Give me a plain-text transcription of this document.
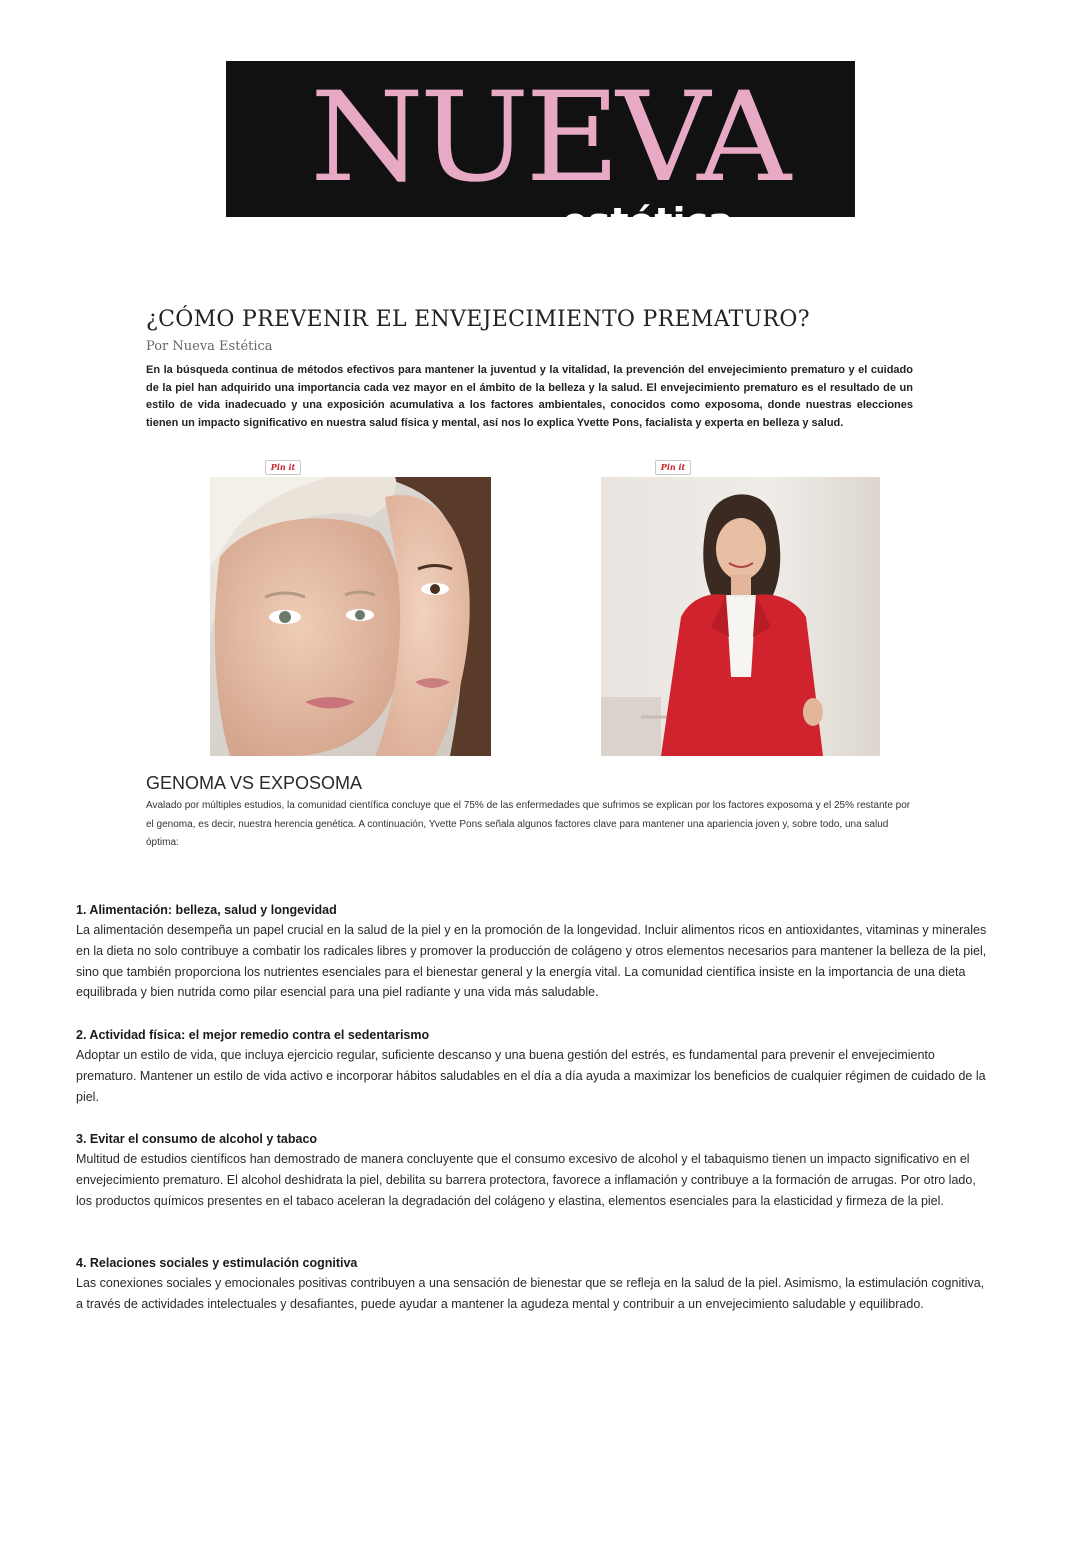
NUEVA
estética
¿CÓMO PREVENIR EL ENVEJECIMIENTO PREMATURO?
Por Nueva Estética
En la búsqueda continua de métodos efectivos para mantener la juventud y la vitalidad, la prevención del envejecimiento prematuro y el cuidado de la piel han adquirido una importancia cada vez mayor en el ámbito de la belleza y la salud. El envejecimiento prematuro es el resultado de un estilo de vida inadecuado y una exposición acumulativa a los factores ambientales, conocidos como exposoma, donde nuestras elecciones tienen un impacto significativo en nuestra salud física y mental, así nos lo explica Yvette Pons, facialista y experta en belleza y salud.
Pin it	Pin it
GENOMA VS EXPOSOMA
Avalado por múltiples estudios, la comunidad científica concluye que el 75% de las enfermedades que sufrimos se explican por los factores exposoma y el 25% restante por el genoma, es decir, nuestra herencia genética. A continuación, Yvette Pons señala algunos factores clave para mantener una apariencia joven y, sobre todo, una salud óptima:
1. Alimentación: belleza, salud y longevidad

La alimentación desempeña un papel crucial en la salud de la piel y en la promoción de la longevidad. Incluir alimentos ricos en antioxidantes, vitaminas y minerales en la dieta no solo contribuye a combatir los radicales libres y promover la producción de colágeno y otros elementos necesarios para mantener la belleza de la piel, sino que también proporciona los nutrientes esenciales para el bienestar general y la energía vital. La comunidad científica insiste en la importancia de una dieta equilibrada y bien nutrida como pilar esencial para una piel radiante y una vida más saludable.

2. Actividad física: el mejor remedio contra el sedentarismo

Adoptar un estilo de vida, que incluya ejercicio regular, suficiente descanso y una buena gestión del estrés, es fundamental para prevenir el envejecimiento prematuro. Mantener un estilo de vida activo e incorporar hábitos saludables en el día a día ayuda a maximizar los beneficios de cualquier régimen de cuidado de la piel.

3. Evitar el consumo de alcohol y tabaco

Multitud de estudios científicos han demostrado de manera concluyente que el consumo excesivo de alcohol y el tabaquismo tienen un impacto significativo en el envejecimiento prematuro. El alcohol deshidrata la piel, debilita su barrera protectora, favorece a inflamación y contribuye a la formación de arrugas. Por otro lado, los productos químicos presentes en el tabaco aceleran la degradación del colágeno y elastina, elementos esenciales para la elasticidad y firmeza de la piel.

4. Relaciones sociales y estimulación cognitiva

Las conexiones sociales y emocionales positivas contribuyen a una sensación de bienestar que se refleja en la salud de la piel. Asimismo, la estimulación cognitiva, a través de actividades intelectuales y desafiantes, puede ayudar a mantener la agudeza mental y contribuir a un envejecimiento saludable y equilibrado.
